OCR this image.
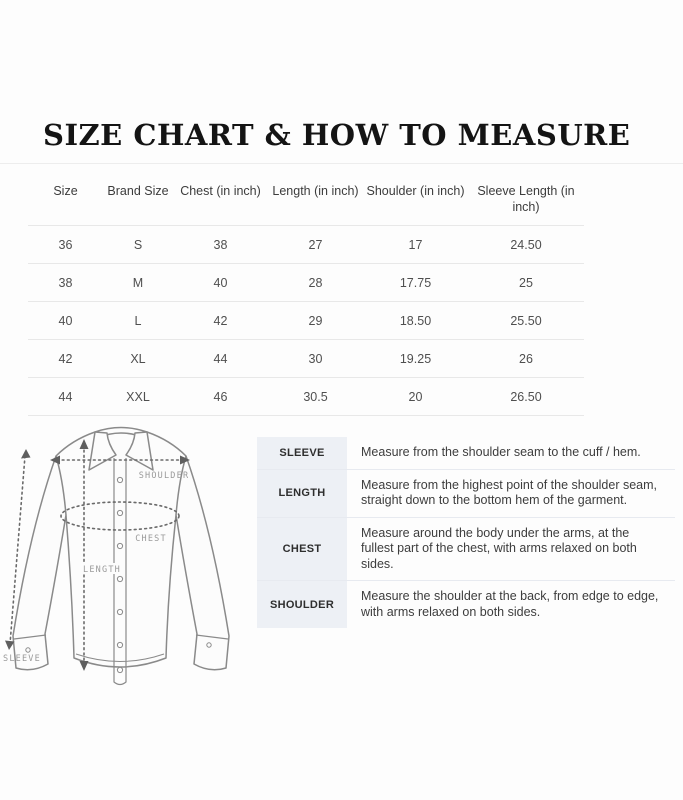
SIZE CHART & HOW TO MEASURE
Size	Brand Size	Chest (in inch)	Length (in inch)	Shoulder (in inch)	Sleeve Length (in inch)
36	S	38	27	17	24.50
38	M	40	28	17.75	25
40	L	42	29	18.50	25.50
42	XL	44	30	19.25	26
44	XXL	46	30.5	20	26.50
SHOULDER
CHEST
LENGTH
SLEEVE
SLEEVE	Measure from the shoulder seam to the cuff / hem.
LENGTH	Measure from the highest point of the shoulder seam, straight down to the bottom hem of the garment.
CHEST	Measure around the body under the arms, at the fullest part of the chest, with arms relaxed on both sides.
SHOULDER	Measure the shoulder at the back, from edge to edge, with arms relaxed on both sides.
